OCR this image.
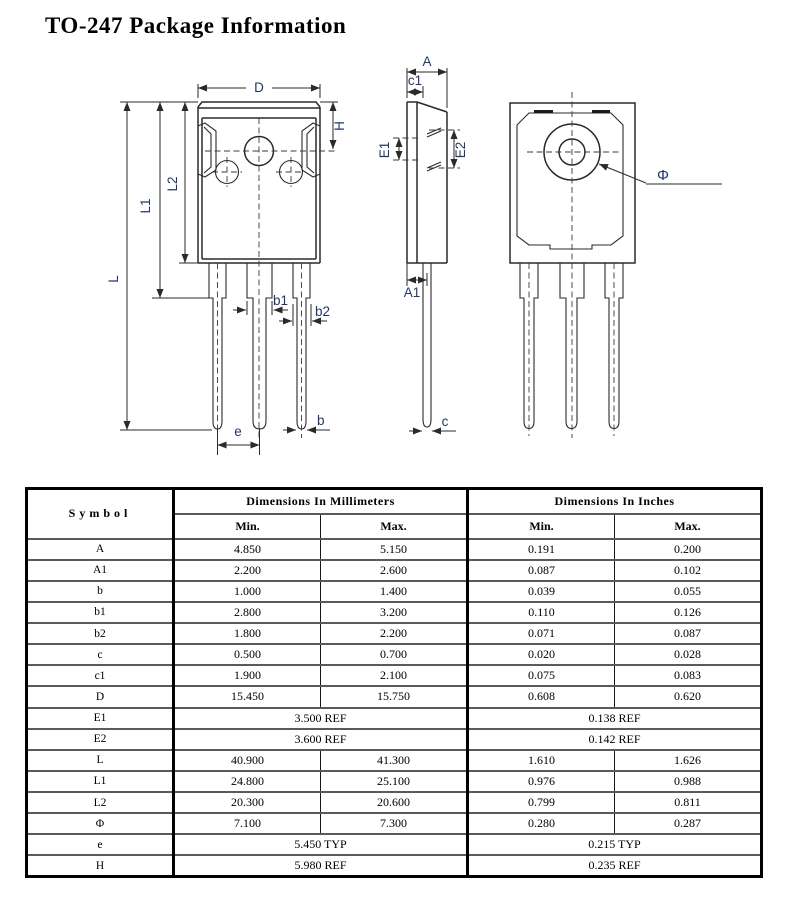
TO-247 Package Information
D
H
L2
L1
L
b1
b2
b
e
A
c1
E1	E2
A1
c
Φ
Symbol	Dimensions In Millimeters		Dimensions In Inches	
	Min.	Max.	Min.	Max.
A	4.850	5.150	0.191	0.200
A1	2.200	2.600	0.087	0.102
b	1.000	1.400	0.039	0.055
b1	2.800	3.200	0.110	0.126
b2	1.800	2.200	0.071	0.087
c	0.500	0.700	0.020	0.028
c1	1.900	2.100	0.075	0.083
D	15.450	15.750	0.608	0.620
E1	3.500 REF		0.138 REF	
E2	3.600 REF		0.142 REF	
L	40.900	41.300	1.610	1.626
L1	24.800	25.100	0.976	0.988
L2	20.300	20.600	0.799	0.811
Φ	7.100	7.300	0.280	0.287
e	5.450 TYP		0.215 TYP	
H	5.980 REF		0.235 REF	
